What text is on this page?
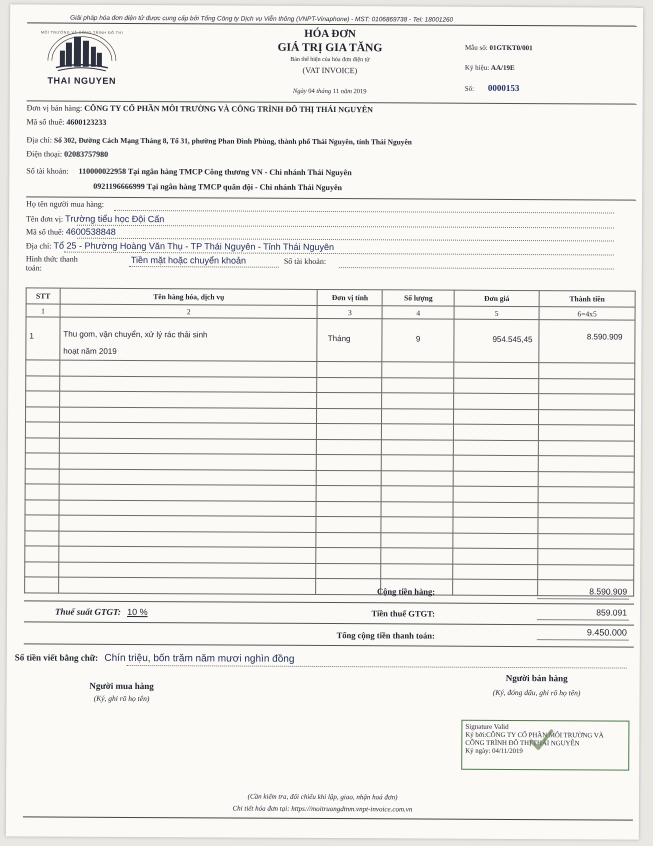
Giải pháp hóa đơn điện tử được cung cấp bởi Tổng Công ty Dịch vụ Viễn thông (VNPT-Vinaphone) - MST: 0106869738 - Tel: 18001260
MÔI TRƯỜNG VÀ CÔNG TRÌNH ĐÔ THỊ
THAI NGUYEN
HÓA ĐƠN
GIÁ TRỊ GIA TĂNG
Bản thể hiện của hóa đơn điện tử
(VAT INVOICE)
Ngày 04 tháng 11 năm 2019
Mẫu số: 01GTKT0/001
Ký hiệu: AA/19E
Số: 0000153
Đơn vị bán hàng: CÔNG TY CỔ PHẦN MÔI TRƯỜNG VÀ CÔNG TRÌNH ĐÔ THỊ THÁI NGUYÊN
Mã số thuế: 4600123233
Địa chỉ: Số 302, Đường Cách Mạng Tháng 8, Tổ 31, phường Phan Đình Phùng, thành phố Thái Nguyên, tỉnh Thái Nguyên
Điện thoại: 02083757980
Số tài khoản: 110000022958 Tại ngân hàng TMCP Công thương VN - Chi nhánh Thái Nguyên
0921196666999 Tại ngân hàng TMCP quân đội - Chi nhánh Thái Nguyên
Họ tên người mua hàng:
Tên đơn vị: Trường tiểu học Đội Cấn
Mã số thuế: 4600538848
Địa chỉ: Tổ 25 - Phường Hoàng Văn Thụ - TP Thái Nguyên - Tỉnh Thái Nguyên
Hình thức thanh
toán:
Tiền mặt hoặc chuyển khoản	Số tài khoản:
STT	Tên hàng hóa, dịch vụ	Đơn vị tính	Số lượng	Đơn giá	Thành tiền
1	2	3	4	5	6=4x5
1	Thu gom, vận chuyển, xử lý rác thải sinh
hoạt năm 2019	Tháng	9	954.545,45	8.590.909

Cộng tiền hàng:	8.590.909
Thuế suất GTGT: 10 %	Tiền thuế GTGT:	859.091
Tổng cộng tiền thanh toán:	9.450.000
Số tiền viết bằng chữ: Chín triệu, bốn trăm năm mươi nghìn đồng
Người mua hàng
(Ký, ghi rõ họ tên)
Người bán hàng
(Ký, đóng dấu, ghi rõ họ tên)
Signature Valid
Ký bởi:CÔNG TY CỔ PHẦN MÔI TRƯỜNG VÀ
CÔNG TRÌNH ĐÔ THỊ THÁI NGUYÊN
Ký ngày: 04/11/2019
(Cần kiểm tra, đối chiếu khi lập, giao, nhận hoá đơn)
Chi tiết hóa đơn tại: https://moitruongdtnm.vnpt-invoice.com.vn
